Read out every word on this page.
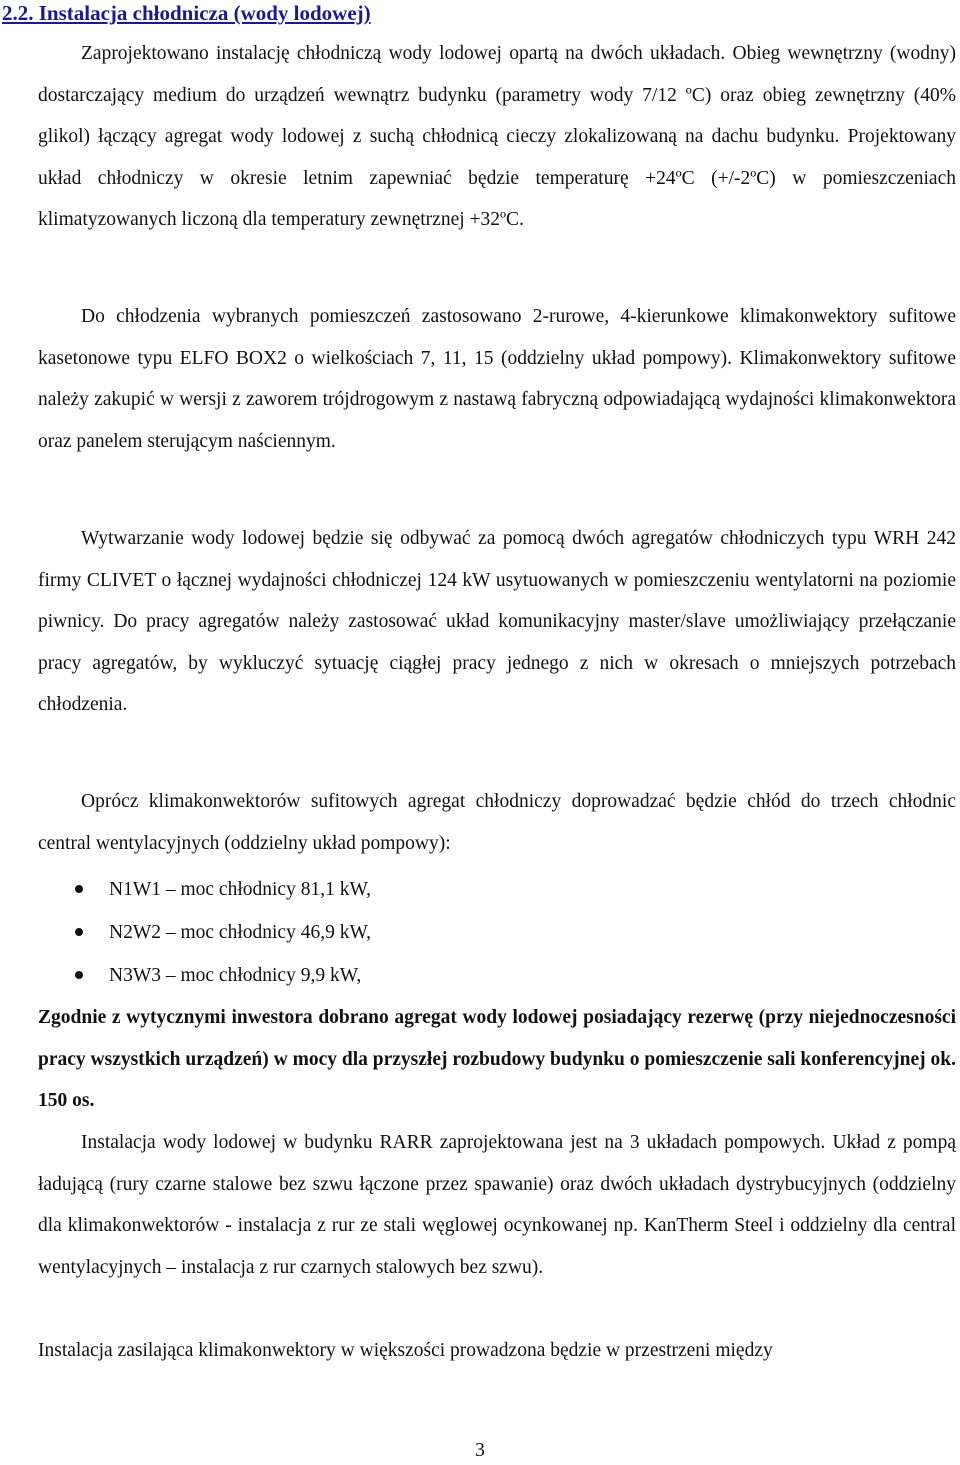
2.2. Instalacja chłodnicza (wody lodowej)

Zaprojektowano instalację chłodniczą wody lodowej opartą na dwóch układach. Obieg wewnętrzny (wodny) dostarczający medium do urządzeń wewnątrz budynku (parametry wody 7/12 ºC) oraz obieg zewnętrzny (40% glikol) łączący agregat wody lodowej z suchą chłodnicą cieczy zlokalizowaną na dachu budynku. Projektowany układ chłodniczy w okresie letnim zapewniać będzie temperaturę +24ºC (+/-2ºC) w pomieszczeniach klimatyzowanych liczoną dla temperatury zewnętrznej +32ºC.

Do chłodzenia wybranych pomieszczeń zastosowano 2-rurowe, 4-kierunkowe klimakonwektory sufitowe kasetonowe typu ELFO BOX2 o wielkościach 7, 11, 15 (oddzielny układ pompowy). Klimakonwektory sufitowe należy zakupić w wersji z zaworem trójdrogowym z nastawą fabryczną odpowiadającą wydajności klimakonwektora oraz panelem sterującym naściennym.

Wytwarzanie wody lodowej będzie się odbywać za pomocą dwóch agregatów chłodniczych typu WRH 242 firmy CLIVET o łącznej wydajności chłodniczej 124 kW usytuowanych w pomieszczeniu wentylatorni na poziomie piwnicy. Do pracy agregatów należy zastosować układ komunikacyjny master/slave umożliwiający przełączanie pracy agregatów, by wykluczyć sytuację ciągłej pracy jednego z nich w okresach o mniejszych potrzebach chłodzenia.

Oprócz klimakonwektorów sufitowych agregat chłodniczy doprowadzać będzie chłód do trzech chłodnic central wentylacyjnych (oddzielny układ pompowy):

N1W1 – moc chłodnicy 81,1 kW,
N2W2 – moc chłodnicy 46,9 kW,
N3W3 – moc chłodnicy 9,9 kW,

Zgodnie z wytycznymi inwestora dobrano agregat wody lodowej posiadający rezerwę (przy niejednoczesności pracy wszystkich urządzeń) w mocy dla przyszłej rozbudowy budynku o pomieszczenie sali konferencyjnej ok. 150 os.

Instalacja wody lodowej w budynku RARR zaprojektowana jest na 3 układach pompowych. Układ z pompą ładującą (rury czarne stalowe bez szwu łączone przez spawanie) oraz dwóch układach dystrybucyjnych (oddzielny dla klimakonwektorów - instalacja z rur ze stali węglowej ocynkowanej np. KanTherm Steel i oddzielny dla central wentylacyjnych – instalacja z rur czarnych stalowych bez szwu).

Instalacja zasilająca klimakonwektory w większości prowadzona będzie w przestrzeni między

3
